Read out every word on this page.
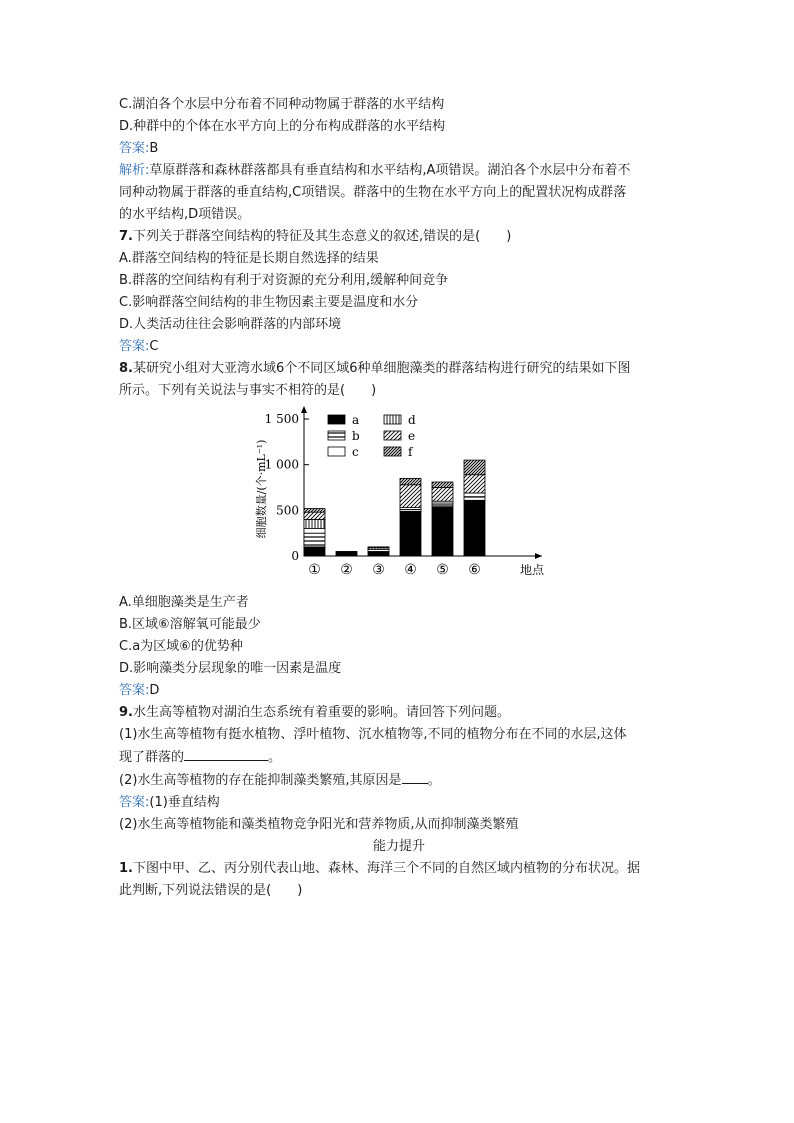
C.湖泊各个水层中分布着不同种动物属于群落的水平结构
D.种群中的个体在水平方向上的分布构成群落的水平结构
答案:B
解析:草原群落和森林群落都具有垂直结构和水平结构,A项错误。湖泊各个水层中分布着不
同种动物属于群落的垂直结构,C项错误。群落中的生物在水平方向上的配置状况构成群落
的水平结构,D项错误。
7.下列关于群落空间结构的特征及其生态意义的叙述,错误的是(　　)
A.群落空间结构的特征是长期自然选择的结果
B.群落的空间结构有利于对资源的充分利用,缓解种间竞争
C.影响群落空间结构的非生物因素主要是温度和水分
D.人类活动往往会影响群落的内部环境
答案:C
8.某研究小组对大亚湾水域6个不同区域6种单细胞藻类的群落结构进行研究的结果如下图
所示。下列有关说法与事实不相符的是(　　)
0
500
1 000
1 500
细胞数量/(个·mL⁻¹)
地点
① ② ③ ④ ⑤ ⑥
a
b
c
d
e
f
A.单细胞藻类是生产者
B.区域⑥溶解氧可能最少
C.a为区域⑥的优势种
D.影响藻类分层现象的唯一因素是温度
答案:D
9.水生高等植物对湖泊生态系统有着重要的影响。请回答下列问题。
(1)水生高等植物有挺水植物、浮叶植物、沉水植物等,不同的植物分布在不同的水层,这体
现了群落的	。
(2)水生高等植物的存在能抑制藻类繁殖,其原因是 。
答案:(1)垂直结构
(2)水生高等植物能和藻类植物竞争阳光和营养物质,从而抑制藻类繁殖
能力提升
1.下图中甲、乙、丙分别代表山地、森林、海洋三个不同的自然区域内植物的分布状况。据
此判断,下列说法错误的是(　　)
